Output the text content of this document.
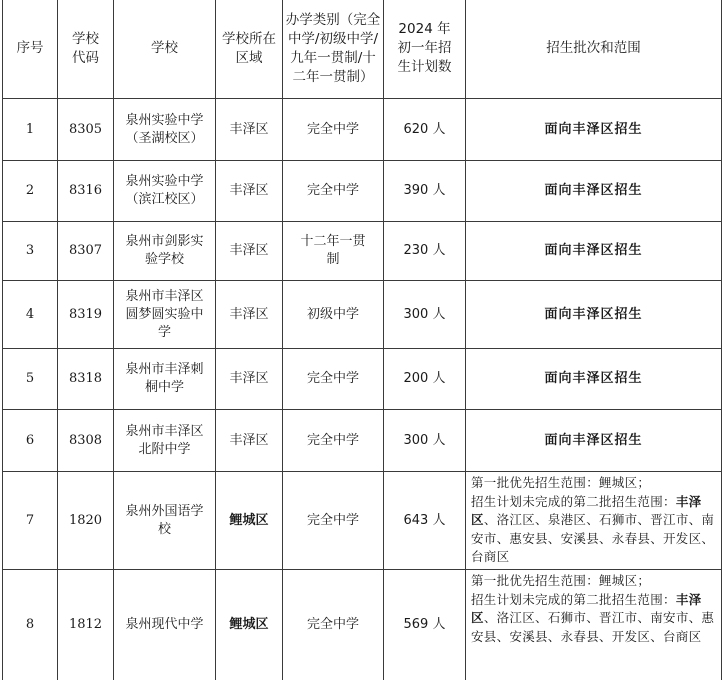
序号	学校代码	学校	学校所在区域	办学类别（完全中学/初级中学/九年一贯制/十二年一贯制）	2024 年初一年招生计划数	招生批次和范围
1	8305	泉州实验中学（圣湖校区）	丰泽区	完全中学	620 人	面向丰泽区招生
2	8316	泉州实验中学（滨江校区）	丰泽区	完全中学	390 人	面向丰泽区招生
3	8307	泉州市剑影实验学校	丰泽区	十二年一贯制	230 人	面向丰泽区招生
4	8319	泉州市丰泽区圆梦圆实验中学	丰泽区	初级中学	300 人	面向丰泽区招生
5	8318	泉州市丰泽刺桐中学	丰泽区	完全中学	200 人	面向丰泽区招生
6	8308	泉州市丰泽区北附中学	丰泽区	完全中学	300 人	面向丰泽区招生
7	1820	泉州外国语学校	鲤城区	完全中学	643 人	第一批优先招生范围：鲤城区；
招生计划未完成的第二批招生范围：丰泽区、洛江区、泉港区、石狮市、晋江市、南安市、惠安县、安溪县、永春县、开发区、台商区
8	1812	泉州现代中学	鲤城区	完全中学	569 人	第一批优先招生范围：鲤城区；
招生计划未完成的第二批招生范围：丰泽区、洛江区、石狮市、晋江市、南安市、惠安县、安溪县、永春县、开发区、台商区
